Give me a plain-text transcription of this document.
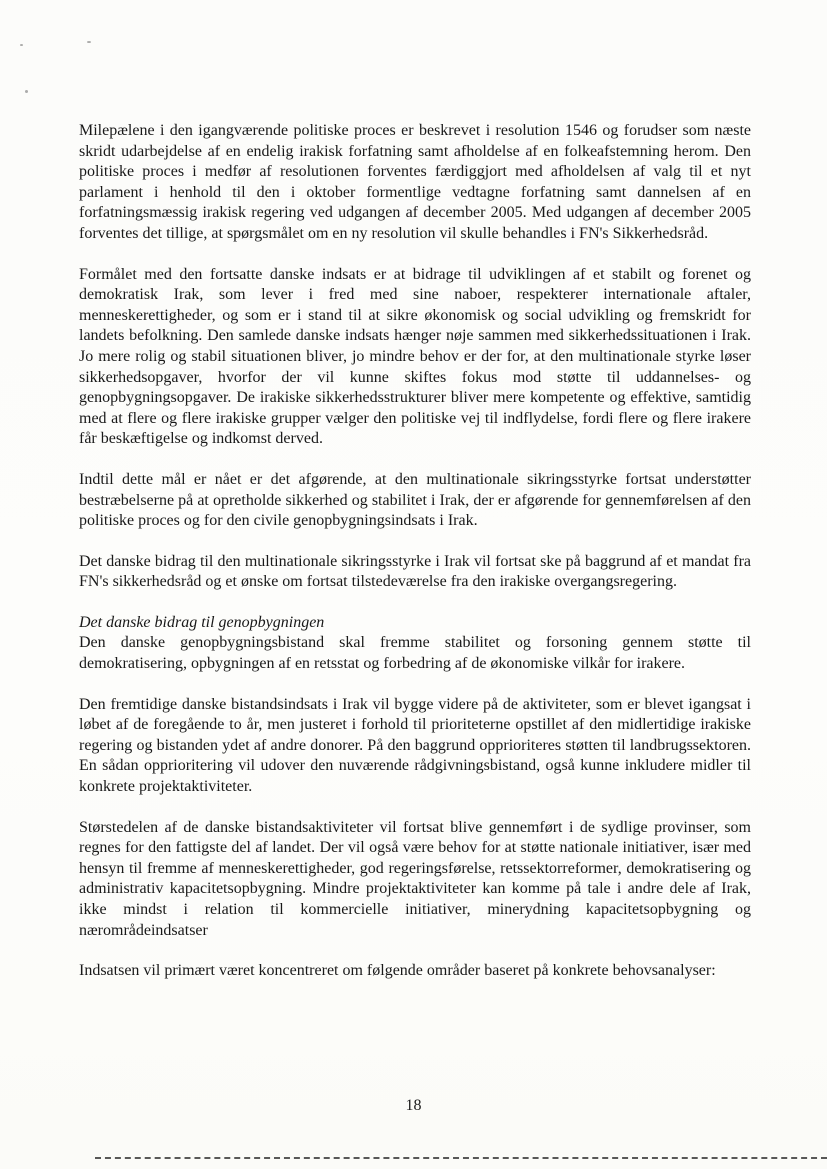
Milepælene i den igangværende politiske proces er beskrevet i resolution 1546 og forudser som næste skridt udarbejdelse af en endelig irakisk forfatning samt afholdelse af en folkeafstemning herom. Den politiske proces i medfør af resolutionen forventes færdiggjort med afholdelsen af valg til et nyt parlament i henhold til den i oktober formentlige vedtagne forfatning samt dannelsen af en forfatningsmæssig irakisk regering ved udgangen af december 2005. Med udgangen af december 2005 forventes det tillige, at spørgsmålet om en ny resolution vil skulle behandles i FN's Sikkerhedsråd.

Formålet med den fortsatte danske indsats er at bidrage til udviklingen af et stabilt og forenet og demokratisk Irak, som lever i fred med sine naboer, respekterer internationale aftaler, menneskerettigheder, og som er i stand til at sikre økonomisk og social udvikling og fremskridt for landets befolkning. Den samlede danske indsats hænger nøje sammen med sikkerhedssituationen i Irak. Jo mere rolig og stabil situationen bliver, jo mindre behov er der for, at den multinationale styrke løser sikkerhedsopgaver, hvorfor der vil kunne skiftes fokus mod støtte til uddannelses- og genopbygningsopgaver. De irakiske sikkerhedsstrukturer bliver mere kompetente og effektive, samtidig med at flere og flere irakiske grupper vælger den politiske vej til indflydelse, fordi flere og flere irakere får beskæftigelse og indkomst derved.

Indtil dette mål er nået er det afgørende, at den multinationale sikringsstyrke fortsat understøtter bestræbelserne på at opretholde sikkerhed og stabilitet i Irak, der er afgørende for gennemførelsen af den politiske proces og for den civile genopbygningsindsats i Irak.

Det danske bidrag til den multinationale sikringsstyrke i Irak vil fortsat ske på baggrund af et mandat fra FN's sikkerhedsråd og et ønske om fortsat tilstedeværelse fra den irakiske overgangsregering.

Det danske bidrag til genopbygningen

Den danske genopbygningsbistand skal fremme stabilitet og forsoning gennem støtte til demokratisering, opbygningen af en retsstat og forbedring af de økonomiske vilkår for irakere.

Den fremtidige danske bistandsindsats i Irak vil bygge videre på de aktiviteter, som er blevet igangsat i løbet af de foregående to år, men justeret i forhold til prioriteterne opstillet af den midlertidige irakiske regering og bistanden ydet af andre donorer. På den baggrund opprioriteres støtten til landbrugssektoren. En sådan opprioritering vil udover den nuværende rådgivningsbistand, også kunne inkludere midler til konkrete projektaktiviteter.

Størstedelen af de danske bistandsaktiviteter vil fortsat blive gennemført i de sydlige provinser, som regnes for den fattigste del af landet. Der vil også være behov for at støtte nationale initiativer, især med hensyn til fremme af menneskerettigheder, god regeringsførelse, retssektorreformer, demokratisering og administrativ kapacitetsopbygning. Mindre projektaktiviteter kan komme på tale i andre dele af Irak, ikke mindst i relation til kommercielle initiativer, minerydning kapacitetsopbygning og nærområdeindsatser

Indsatsen vil primært været koncentreret om følgende områder baseret på konkrete behovsanalyser:

18
